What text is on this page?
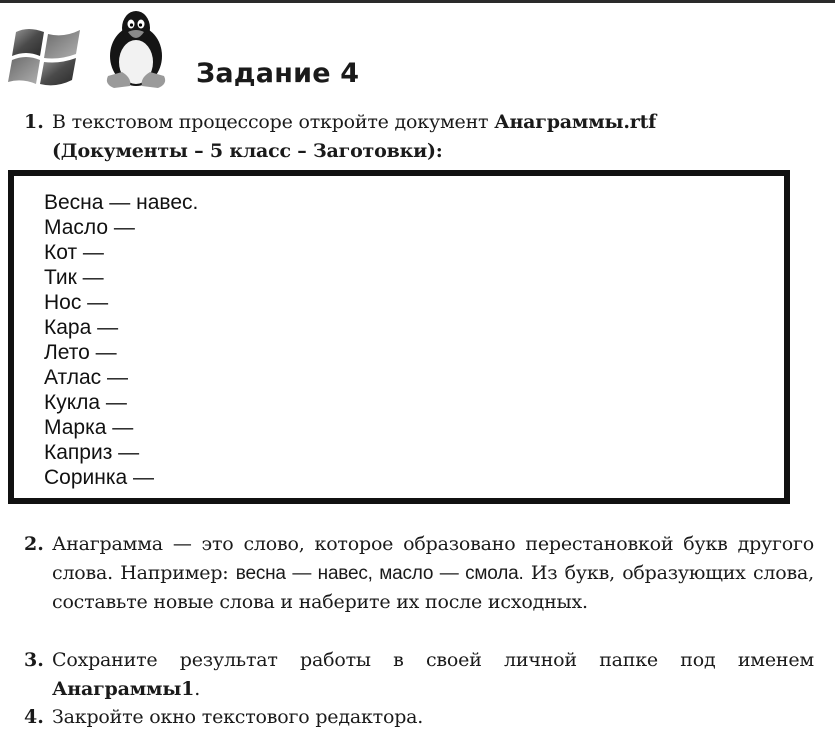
Задание 4
1. В текстовом процессоре откройте документ Анаграммы.rtf
(Документы – 5 класс – Заготовки):
Весна — навес.
Масло —
Кот —
Тик —
Нос —
Кара —
Лето —
Атлас —
Кукла —
Марка —
Каприз —
Соринка —
2. Анаграмма — это слово, которое образовано перестановкой букв другого слова. Например: весна — навес, масло — смола. Из букв, образующих слова, составьте новые слова и наберите их после исходных.
3. Сохраните результат работы в своей личной папке под именем Анаграммы1.
4. Закройте окно текстового редактора.
